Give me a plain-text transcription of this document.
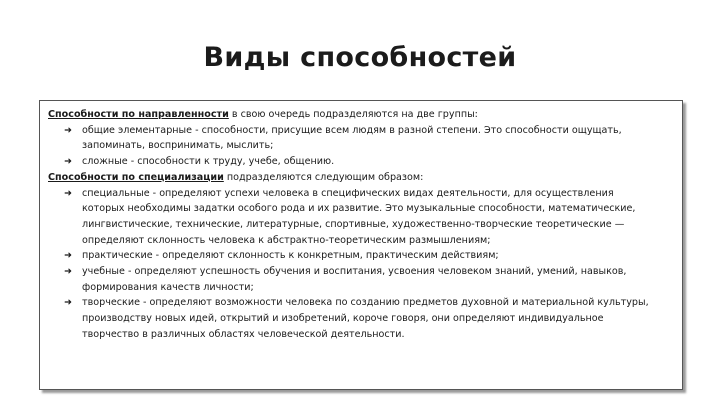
Виды способностей
Способности по направленности в свою очередь подразделяются на две группы:
➜ общие элементарные - способности, присущие всем людям в разной степени. Это способности ощущать,
запоминать, воспринимать, мыслить;
➜ сложные - способности к труду, учебе, общению.
Способности по специализации подразделяются следующим образом:
➜ специальные - определяют успехи человека в специфических видах деятельности, для осуществления
которых необходимы задатки особого рода и их развитие. Это музыкальные способности, математические,
лингвистические, технические, литературные, спортивные, художественно-творческие теоретические —
определяют склонность человека к абстрактно-теоретическим размышлениям;
➜ практические - определяют склонность к конкретным, практическим действиям;
➜ учебные - определяют успешность обучения и воспитания, усвоения человеком знаний, умений, навыков,
формирования качеств личности;
➜ творческие - определяют возможности человека по созданию предметов духовной и материальной культуры,
производству новых идей, открытий и изобретений, короче говоря, они определяют индивидуальное
творчество в различных областях человеческой деятельности.
